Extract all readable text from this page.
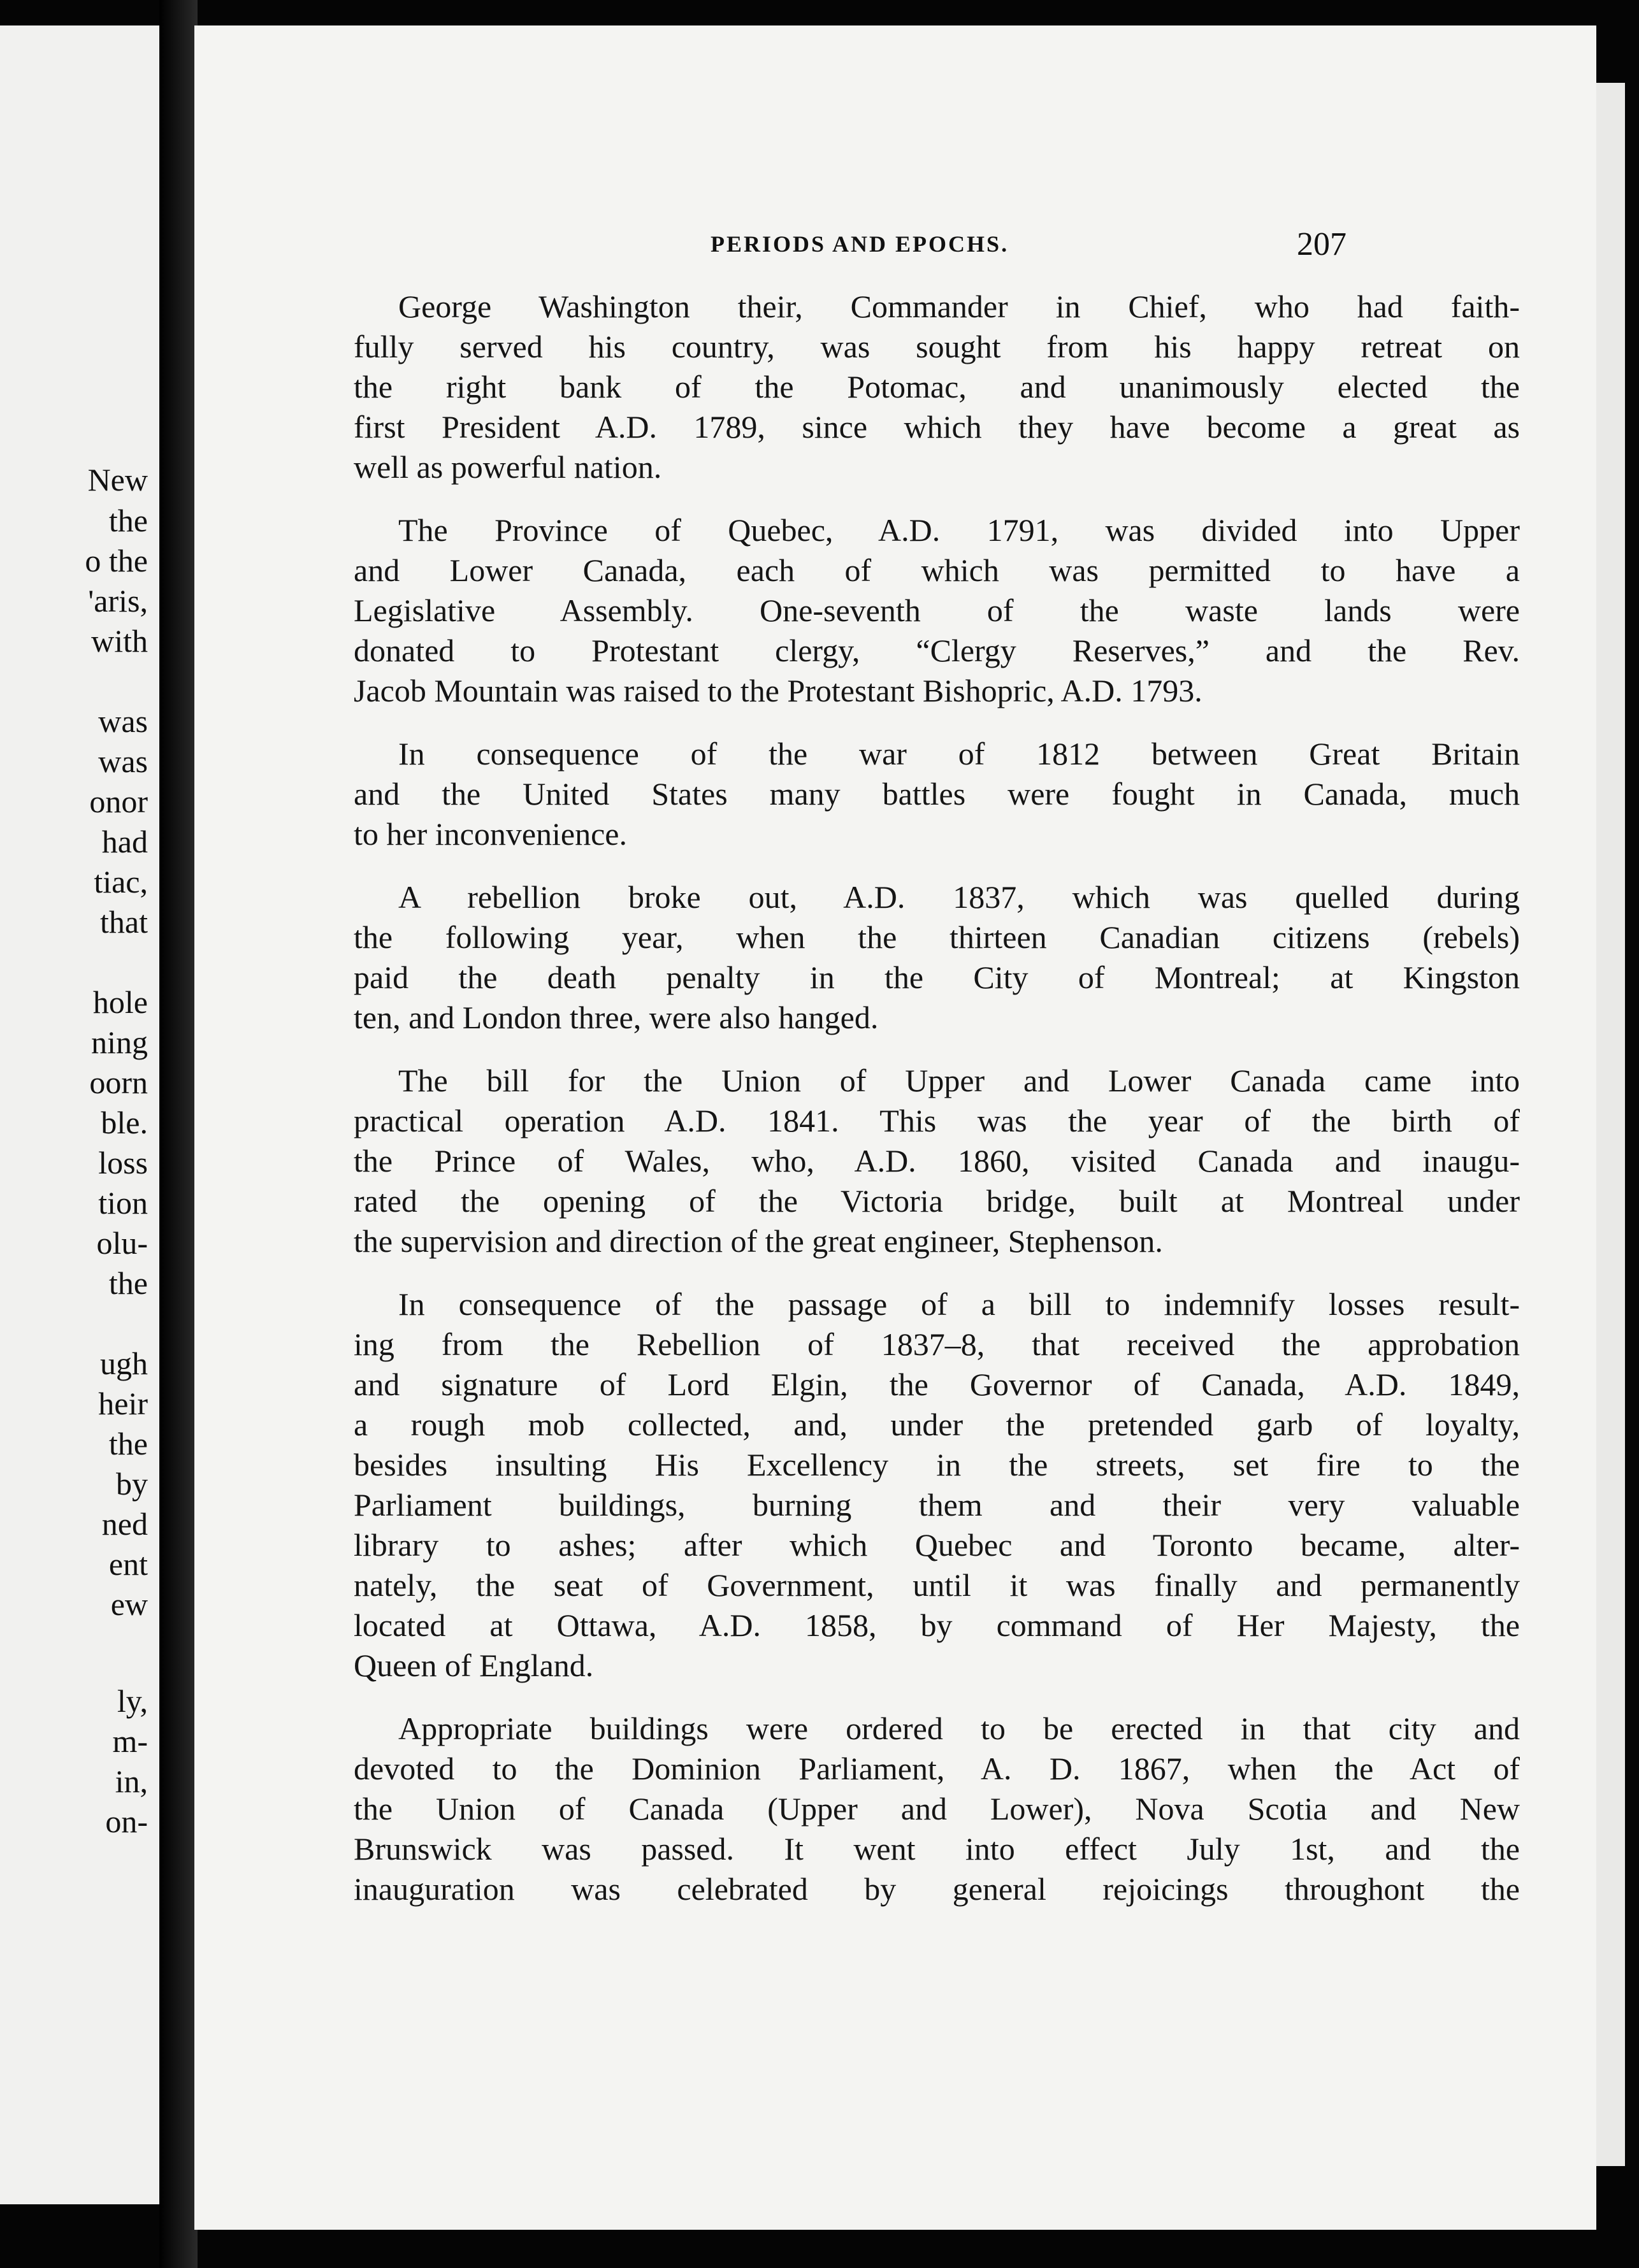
New
the
o the
'aris,
with
was
was
onor
had
tiac,
that
hole
ning
oorn
ble.
loss
tion
olu-
the
ugh
heir
the
by
ned
ent
ew
ly,
m-
in,
on-
PERIODS AND EPOCHS.	207
George Washington their, Commander in Chief, who had faith-
fully served his country, was sought from his happy retreat on
the right bank of the Potomac, and unanimously elected the
first President A.D. 1789, since which they have become a great as
well as powerful nation.
The Province of Quebec, A.D. 1791, was divided into Upper
and Lower Canada, each of which was permitted to have a
Legislative Assembly. One-seventh of the waste lands were
donated to Protestant clergy, “Clergy Reserves,” and the Rev.
Jacob Mountain was raised to the Protestant Bishopric, A.D. 1793.
In consequence of the war of 1812 between Great Britain
and the United States many battles were fought in Canada, much
to her inconvenience.
A rebellion broke out, A.D. 1837, which was quelled during
the following year, when the thirteen Canadian citizens (rebels)
paid the death penalty in the City of Montreal; at Kingston
ten, and London three, were also hanged.
The bill for the Union of Upper and Lower Canada came into
practical operation A.D. 1841. This was the year of the birth of
the Prince of Wales, who, A.D. 1860, visited Canada and inaugu-
rated the opening of the Victoria bridge, built at Montreal under
the supervision and direction of the great engineer, Stephenson.
In consequence of the passage of a bill to indemnify losses result-
ing from the Rebellion of 1837–8, that received the approbation
and signature of Lord Elgin, the Governor of Canada, A.D. 1849,
a rough mob collected, and, under the pretended garb of loyalty,
besides insulting His Excellency in the streets, set fire to the
Parliament buildings, burning them and their very valuable
library to ashes; after which Quebec and Toronto became, alter-
nately, the seat of Government, until it was finally and permanently
located at Ottawa, A.D. 1858, by command of Her Majesty, the
Queen of England.
Appropriate buildings were ordered to be erected in that city and
devoted to the Dominion Parliament, A. D. 1867, when the Act of
the Union of Canada (Upper and Lower), Nova Scotia and New
Brunswick was passed. It went into effect July 1st, and the
inauguration was celebrated by general rejoicings throughont the
